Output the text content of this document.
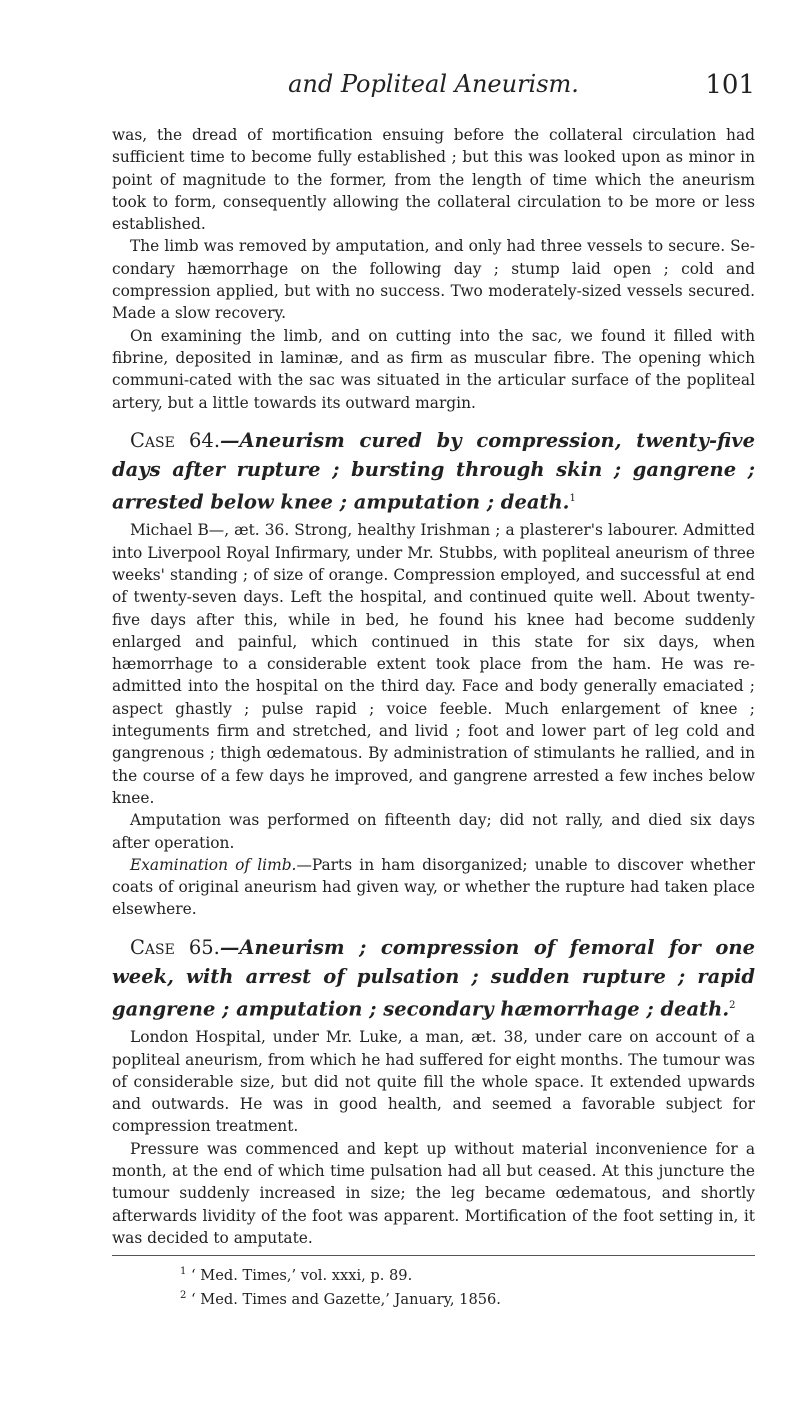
and Popliteal Aneurism.	101

was, the dread of mortification ensuing before the collateral circulation had sufficient time to become fully established ; but this was looked upon as minor in point of magnitude to the former, from the length of time which the aneurism took to form, consequently allowing the collateral circulation to be more or less established.

The limb was removed by amputation, and only had three vessels to secure. Se-condary hæmorrhage on the following day ; stump laid open ; cold and compression applied, but with no success. Two moderately-sized vessels secured. Made a slow recovery.

On examining the limb, and on cutting into the sac, we found it filled with fibrine, deposited in laminæ, and as firm as muscular fibre. The opening which communi-cated with the sac was situated in the articular surface of the popliteal artery, but a little towards its outward margin.

Case 64.—Aneurism cured by compression, twenty-five days after rupture ; bursting through skin ; gangrene ; arrested below knee ; amputation ; death.$^1$

Michael B—, æt. 36. Strong, healthy Irishman ; a plasterer's labourer. Admitted into Liverpool Royal Infirmary, under Mr. Stubbs, with popliteal aneurism of three weeks' standing ; of size of orange. Compression employed, and successful at end of twenty-seven days. Left the hospital, and continued quite well. About twenty-five days after this, while in bed, he found his knee had become suddenly enlarged and painful, which continued in this state for six days, when hæmorrhage to a considerable extent took place from the ham. He was re-admitted into the hospital on the third day. Face and body generally emaciated ; aspect ghastly ; pulse rapid ; voice feeble. Much enlargement of knee ; integuments firm and stretched, and livid ; foot and lower part of leg cold and gangrenous ; thigh œdematous. By administration of stimulants he rallied, and in the course of a few days he improved, and gangrene arrested a few inches below knee.

Amputation was performed on fifteenth day; did not rally, and died six days after operation.

Examination of limb.—Parts in ham disorganized; unable to discover whether coats of original aneurism had given way, or whether the rupture had taken place elsewhere.

Case 65.—Aneurism ; compression of femoral for one week, with arrest of pulsation ; sudden rupture ; rapid gangrene ; amputation ; secondary hæmorrhage ; death.$^2$

London Hospital, under Mr. Luke, a man, æt. 38, under care on account of a popliteal aneurism, from which he had suffered for eight months. The tumour was of considerable size, but did not quite fill the whole space. It extended upwards and outwards. He was in good health, and seemed a favorable subject for compression treatment.

Pressure was commenced and kept up without material inconvenience for a month, at the end of which time pulsation had all but ceased. At this juncture the tumour suddenly increased in size; the leg became œdematous, and shortly afterwards lividity of the foot was apparent. Mortification of the foot setting in, it was decided to amputate.

$^1$ ‘ Med. Times,’ vol. xxxi, p. 89.
$^2$ ‘ Med. Times and Gazette,’ January, 1856.
